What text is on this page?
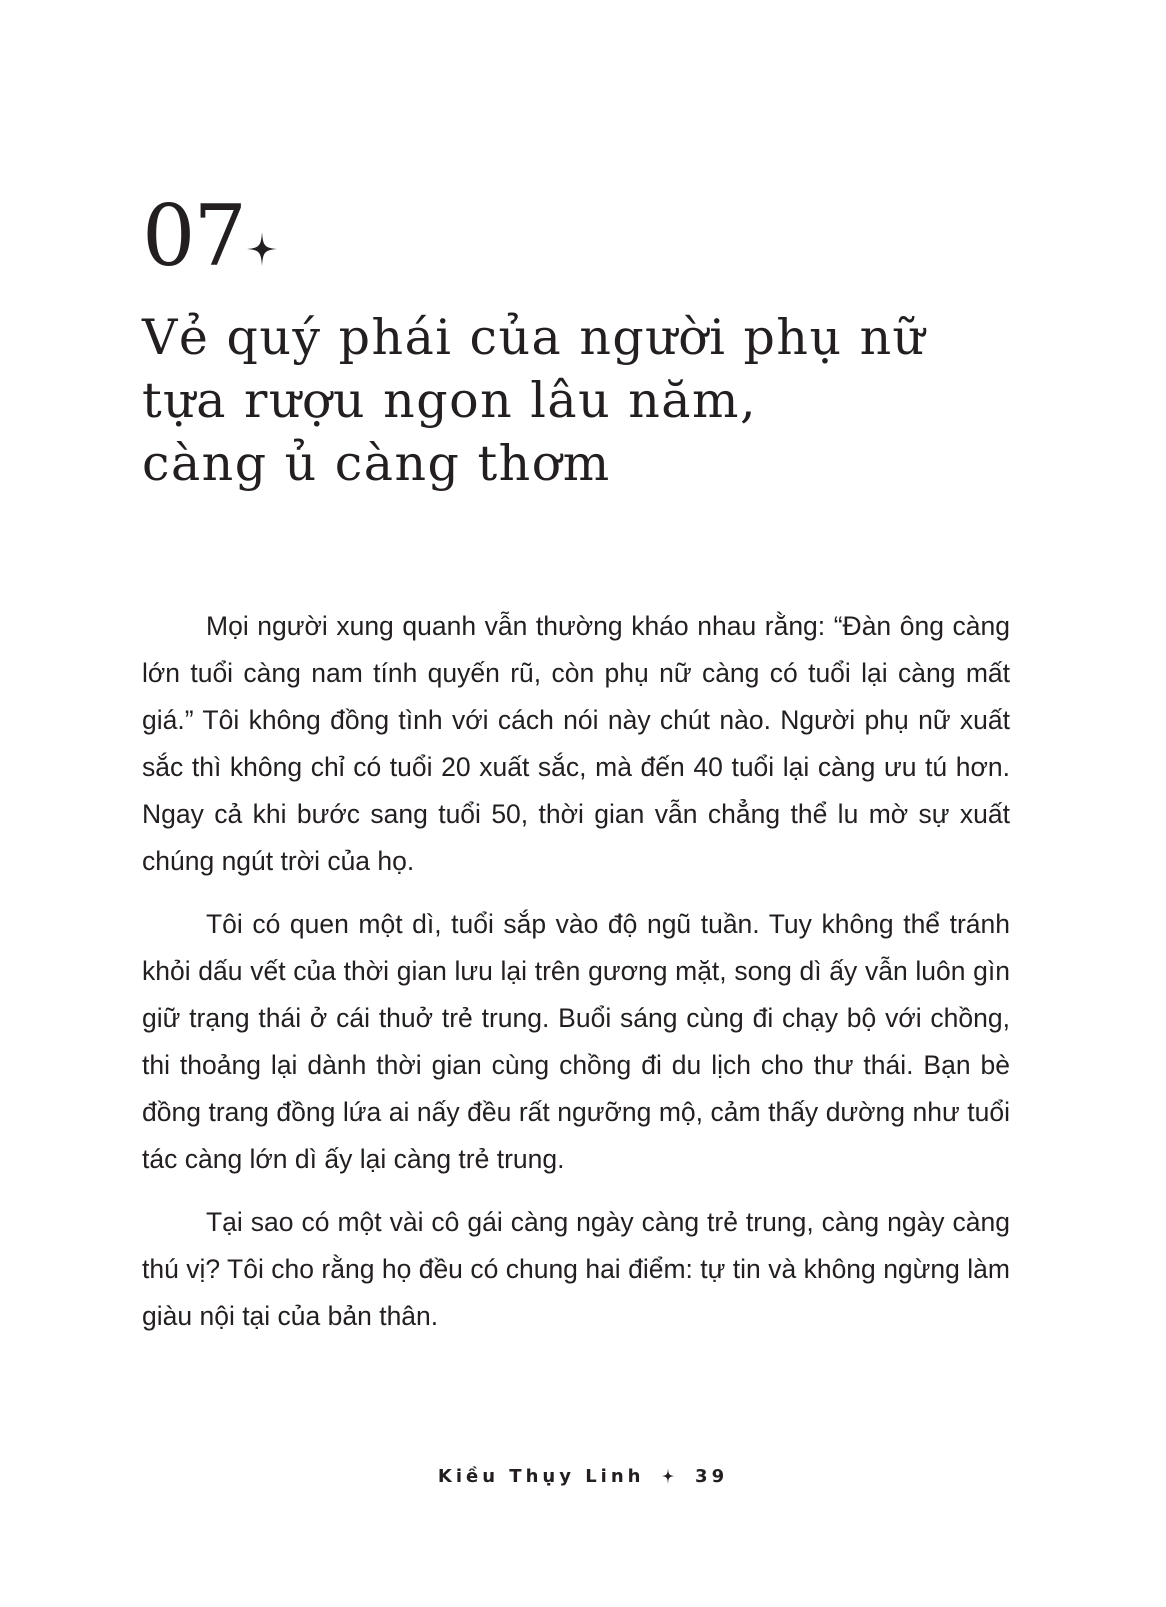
07
Vẻ quý phái của người phụ nữ
tựa rượu ngon lâu năm,
càng ủ càng thơm

Mọi người xung quanh vẫn thường kháo nhau rằng: “Đàn ông càng lớn tuổi càng nam tính quyến rũ, còn phụ nữ càng có tuổi lại càng mất giá.” Tôi không đồng tình với cách nói này chút nào. Người phụ nữ xuất sắc thì không chỉ có tuổi 20 xuất sắc, mà đến 40 tuổi lại càng ưu tú hơn. Ngay cả khi bước sang tuổi 50, thời gian vẫn chẳng thể lu mờ sự xuất chúng ngút trời của họ.

Tôi có quen một dì, tuổi sắp vào độ ngũ tuần. Tuy không thể tránh khỏi dấu vết của thời gian lưu lại trên gương mặt, song dì ấy vẫn luôn gìn giữ trạng thái ở cái thuở trẻ trung. Buổi sáng cùng đi chạy bộ với chồng, thi thoảng lại dành thời gian cùng chồng đi du lịch cho thư thái. Bạn bè đồng trang đồng lứa ai nấy đều rất ngưỡng mộ, cảm thấy dường như tuổi tác càng lớn dì ấy lại càng trẻ trung.

Tại sao có một vài cô gái càng ngày càng trẻ trung, càng ngày càng thú vị? Tôi cho rằng họ đều có chung hai điểm: tự tin và không ngừng làm giàu nội tại của bản thân.

Kiều Thụy Linh	39
